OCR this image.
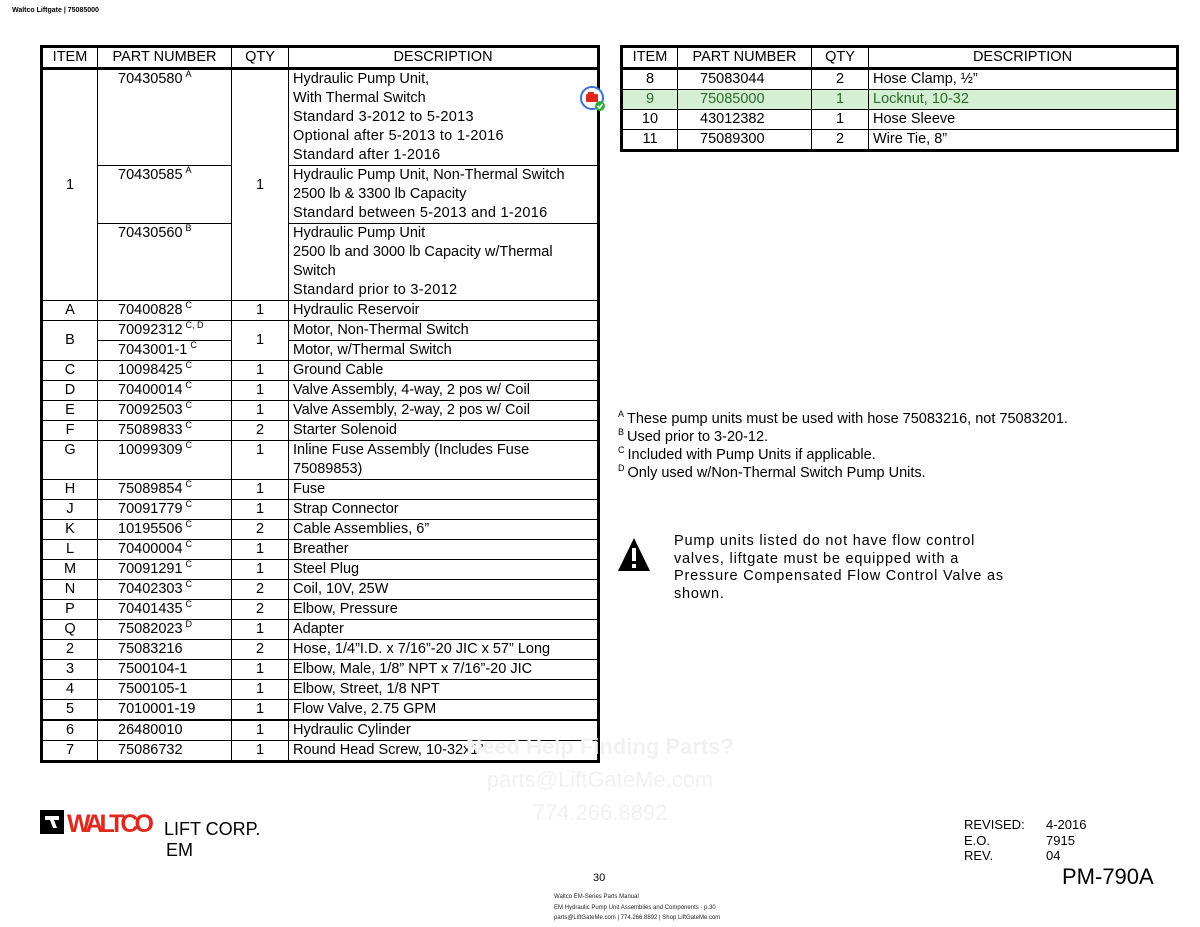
Waltco Liftgate | 75085000
ITEM	PART NUMBER	QTY	DESCRIPTION
1	70430580 $^A$	1	Hydraulic Pump Unit,
With Thermal Switch
Standard 3-2012 to 5-2013
Optional after 5-2013 to 1-2016
Standard after 1-2016

	70430585 $^A$		Hydraulic Pump Unit, Non-Thermal Switch
2500 lb & 3300 lb Capacity
Standard between 5-2013 and 1-2016

	70430560 $^B$		Hydraulic Pump Unit
2500 lb and 3000 lb Capacity w/Thermal
Switch
Standard prior to 3-2012

A	70400828 $^C$	1	Hydraulic Reservoir
B	70092312 $^{C, D}$	1	Motor, Non-Thermal Switch
	7043001-1 $^C$		Motor, w/Thermal Switch
C	10098425 $^C$	1	Ground Cable

D	70400014 $^C$	1	Valve Assembly, 4-way, 2 pos w/ Coil

E	70092503 $^C$	1	Valve Assembly, 2-way, 2 pos w/ Coil

F	75089833 $^C$	2	Starter Solenoid

G	10099309 $^C$	1	Inline Fuse Assembly (Includes Fuse
75089853)

H	75089854 $^C$	1	Fuse

J	70091779 $^C$	1	Strap Connector

K	10195506 $^C$	2	Cable Assemblies, 6”

L	70400004 $^C$	1	Breather

M	70091291 $^C$	1	Steel Plug

N	70402303 $^C$	2	Coil, 10V, 25W

P	70401435 $^C$	2	Elbow, Pressure

Q	75082023 $^D$	1	Adapter

2	75083216	2	Hose, 1/4”I.D. x 7/16”-20 JIC x 57” Long

3	7500104-1	1	Elbow, Male, 1/8” NPT x 7/16”-20 JIC

4	7500105-1	1	Elbow, Street, 1/8 NPT

5	7010001-19	1	Flow Valve, 2.75 GPM

6	26480010	1	Hydraulic Cylinder

7	75086732	1	Round Head Screw, 10-32x1”
ITEM	PART NUMBER	QTY	DESCRIPTION
8	75083044	2	Hose Clamp, ½”
9	75085000	1	Locknut, 10-32
10	43012382	1	Hose Sleeve
11	75089300	2	Wire Tie, 8”
$^A$ These pump units must be used with hose 75083216, not 75083201.
$^B$ Used prior to 3-20-12.
$^C$ Included with Pump Units if applicable.
$^D$ Only used w/Non-Thermal Switch Pump Units.
Pump units listed do not have flow control valves, liftgate must be equipped with a Pressure Compensated Flow Control Valve as shown.
Need Help Finding Parts?
parts@LiftGateMe.com
774.266.8892
WALTCO LIFT CORP.
EM
REVISED: 4-2016
E.O.	7915
REV.	04
PM-790A
30
Waltco EM-Series Parts Manual
EM Hydraulic Pump Unit Assemblies and Components · p.30
parts@LiftGateMe.com | 774.266.8892 | Shop LiftGateMe.com
